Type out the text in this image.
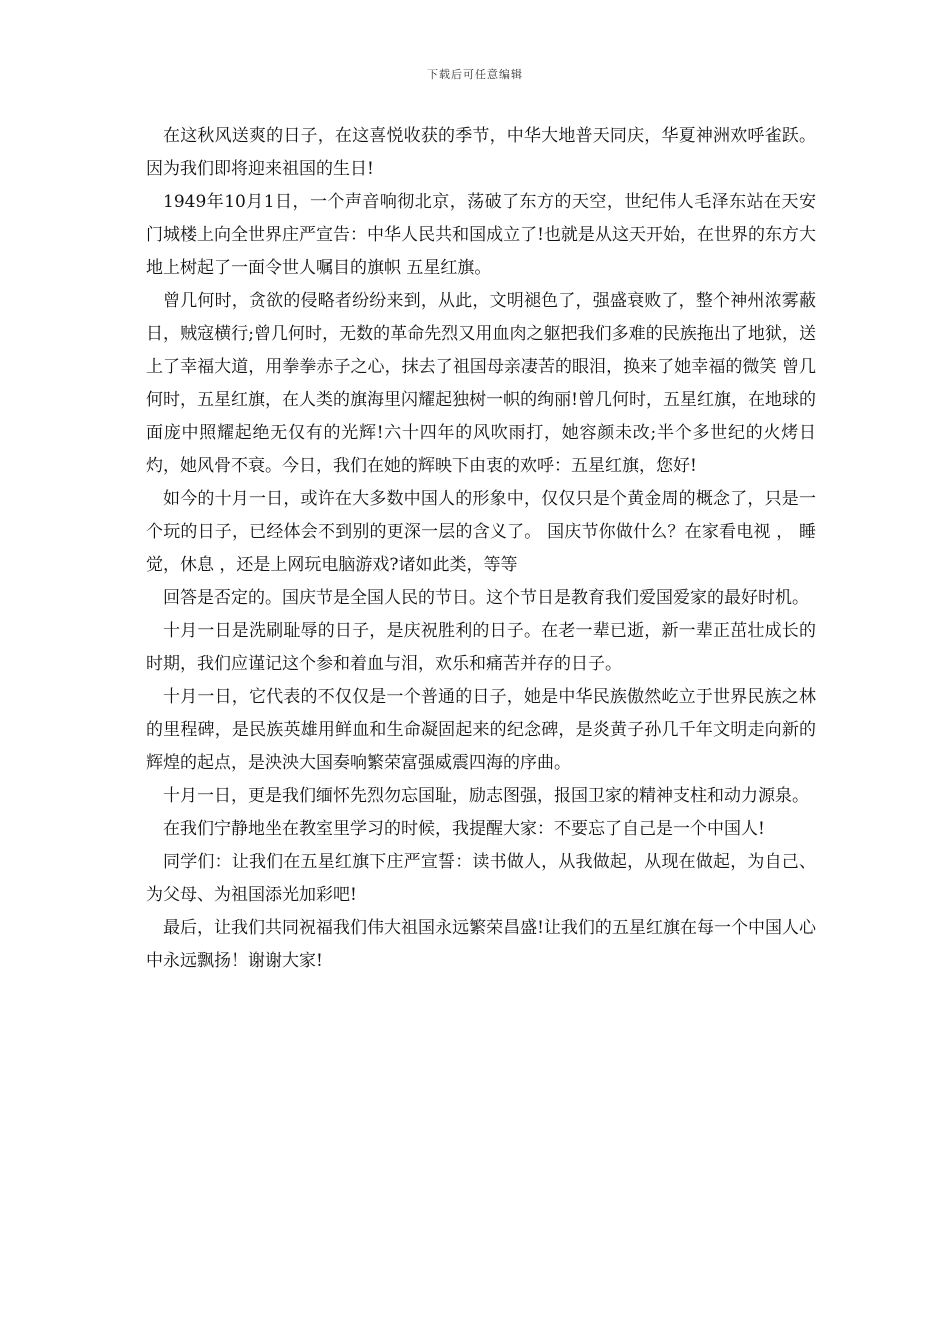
下载后可任意编辑

在这秋风送爽的日子，在这喜悦收获的季节，中华大地普天同庆，华夏神洲欢呼雀跃。因为我们即将迎来祖国的生日!

1949年10月1日，一个声音响彻北京，荡破了东方的天空，世纪伟人毛泽东站在天安门城楼上向全世界庄严宣告：中华人民共和国成立了!也就是从这天开始，在世界的东方大地上树起了一面令世人嘱目的旗帜 五星红旗。

曾几何时，贪欲的侵略者纷纷来到，从此，文明褪色了，强盛衰败了，整个神州浓雾蔽日，贼寇横行;曾几何时，无数的革命先烈又用血肉之躯把我们多难的民族拖出了地狱，送上了幸福大道，用拳拳赤子之心，抹去了祖国母亲凄苦的眼泪，换来了她幸福的微笑 曾几何时，五星红旗，在人类的旗海里闪耀起独树一帜的绚丽!曾几何时，五星红旗，在地球的面庞中照耀起绝无仅有的光辉!六十四年的风吹雨打，她容颜未改;半个多世纪的火烤日灼，她风骨不衰。今日，我们在她的辉映下由衷的欢呼：五星红旗，您好!

如今的十月一日，或许在大多数中国人的形象中，仅仅只是个黄金周的概念了，只是一个玩的日子，已经体会不到别的更深一层的含义了。 国庆节你做什么？在家看电视 ， 睡觉，休息 ，还是上网玩电脑游戏?诸如此类，等等

回答是否定的。国庆节是全国人民的节日。这个节日是教育我们爱国爱家的最好时机。

十月一日是洗刷耻辱的日子，是庆祝胜利的日子。在老一辈已逝，新一辈正茁壮成长的时期，我们应谨记这个参和着血与泪，欢乐和痛苦并存的日子。

十月一日，它代表的不仅仅是一个普通的日子，她是中华民族傲然屹立于世界民族之林的里程碑，是民族英雄用鲜血和生命凝固起来的纪念碑，是炎黄子孙几千年文明走向新的辉煌的起点，是泱泱大国奏响繁荣富强威震四海的序曲。

十月一日，更是我们缅怀先烈勿忘国耻，励志图强，报国卫家的精神支柱和动力源泉。

在我们宁静地坐在教室里学习的时候，我提醒大家：不要忘了自己是一个中国人!

同学们：让我们在五星红旗下庄严宣誓：读书做人，从我做起，从现在做起，为自己、为父母、为祖国添光加彩吧!

最后，让我们共同祝福我们伟大祖国永远繁荣昌盛!让我们的五星红旗在每一个中国人心中永远飘扬！谢谢大家!
